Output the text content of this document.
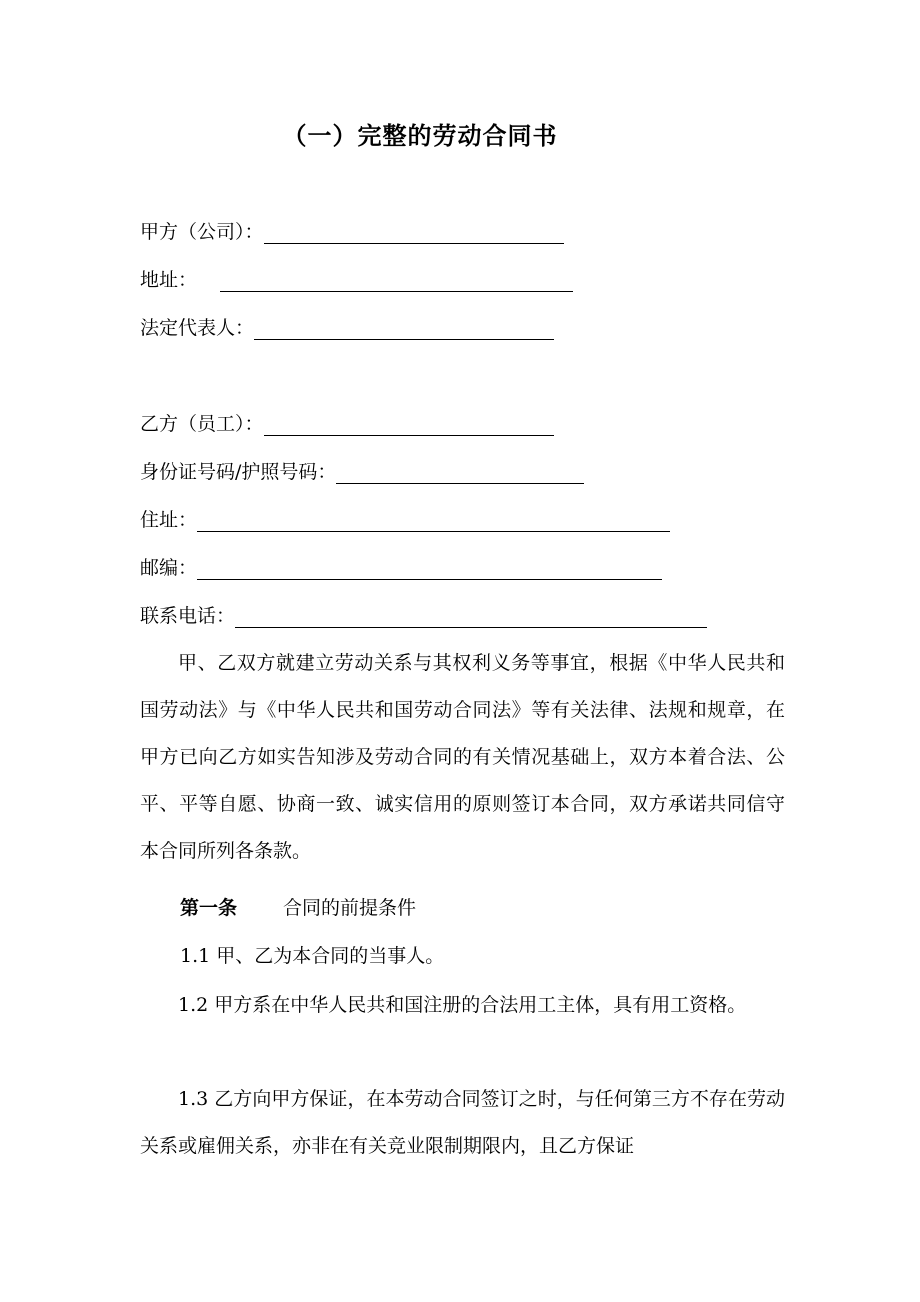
（一）完整的劳动合同书
甲方（公司）：
地址：
法定代表人：
乙方（员工）：
身份证号码/护照号码：
住址：
邮编：
联系电话：

甲、乙双方就建立劳动关系与其权利义务等事宜，根据《中华人民共和国劳动法》与《中华人民共和国劳动合同法》等有关法律、法规和规章，在甲方已向乙方如实告知涉及劳动合同的有关情况基础上，双方本着合法、公平、平等自愿、协商一致、诚实信用的原则签订本合同，双方承诺共同信守本合同所列各条款。

第一条 合同的前提条件
1.1 甲、乙为本合同的当事人。

1.2 甲方系在中华人民共和国注册的合法用工主体，具有用工资格。

1.3 乙方向甲方保证，在本劳动合同签订之时，与任何第三方不存在劳动关系或雇佣关系，亦非在有关竞业限制期限内，且乙方保证
